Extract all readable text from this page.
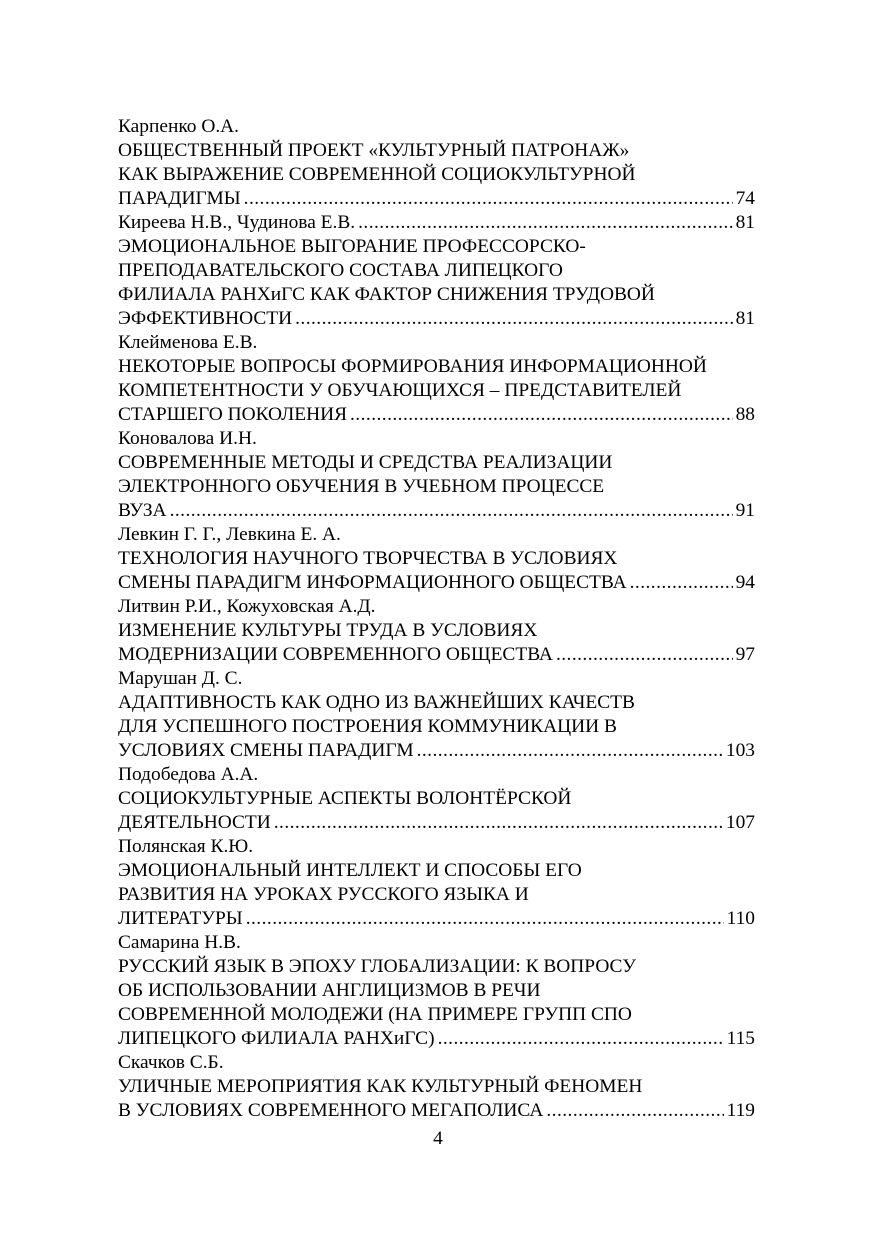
Карпенко О.А.
ОБЩЕСТВЕННЫЙ ПРОЕКТ «КУЛЬТУРНЫЙ ПАТРОНАЖ»
КАК ВЫРАЖЕНИЕ СОВРЕМЕННОЙ СОЦИОКУЛЬТУРНОЙ
ПАРАДИГМЫ . . .	74
Киреева Н.В., Чудинова Е.В. . . .	81
ЭМОЦИОНАЛЬНОЕ ВЫГОРАНИЕ ПРОФЕССОРСКО-
ПРЕПОДАВАТЕЛЬСКОГО СОСТАВА ЛИПЕЦКОГО
ФИЛИАЛА РАНХиГС КАК ФАКТОР СНИЖЕНИЯ ТРУДОВОЙ
ЭФФЕКТИВНОСТИ . . .	81
Клейменова Е.В.
НЕКОТОРЫЕ ВОПРОСЫ ФОРМИРОВАНИЯ ИНФОРМАЦИОННОЙ
КОМПЕТЕНТНОСТИ У ОБУЧАЮЩИХСЯ – ПРЕДСТАВИТЕЛЕЙ
СТАРШЕГО ПОКОЛЕНИЯ . . .	88
Коновалова И.Н.
СОВРЕМЕННЫЕ МЕТОДЫ И СРЕДСТВА РЕАЛИЗАЦИИ
ЭЛЕКТРОННОГО ОБУЧЕНИЯ В УЧЕБНОМ ПРОЦЕССЕ
ВУЗА . . .	91
Левкин Г. Г., Левкина Е. А.
ТЕХНОЛОГИЯ НАУЧНОГО ТВОРЧЕСТВА В УСЛОВИЯХ
СМЕНЫ ПАРАДИГМ ИНФОРМАЦИОННОГО ОБЩЕСТВА . . .	94
Литвин Р.И., Кожуховская А.Д.
ИЗМЕНЕНИЕ КУЛЬТУРЫ ТРУДА В УСЛОВИЯХ
МОДЕРНИЗАЦИИ СОВРЕМЕННОГО ОБЩЕСТВА . . .	97
Марушан Д. С.
АДАПТИВНОСТЬ КАК ОДНО ИЗ ВАЖНЕЙШИХ КАЧЕСТВ
ДЛЯ УСПЕШНОГО ПОСТРОЕНИЯ КОММУНИКАЦИИ В
УСЛОВИЯХ СМЕНЫ ПАРАДИГМ . . .	103
Подобедова А.А.
СОЦИОКУЛЬТУРНЫЕ АСПЕКТЫ ВОЛОНТЁРСКОЙ
ДЕЯТЕЛЬНОСТИ . . .	107
Полянская К.Ю.
ЭМОЦИОНАЛЬНЫЙ ИНТЕЛЛЕКТ И СПОСОБЫ ЕГО
РАЗВИТИЯ НА УРОКАХ РУССКОГО ЯЗЫКА И
ЛИТЕРАТУРЫ . . .	110
Самарина Н.В.
РУССКИЙ ЯЗЫК В ЭПОХУ ГЛОБАЛИЗАЦИИ: К ВОПРОСУ
ОБ ИСПОЛЬЗОВАНИИ АНГЛИЦИЗМОВ В РЕЧИ
СОВРЕМЕННОЙ МОЛОДЕЖИ (НА ПРИМЕРЕ ГРУПП СПО
ЛИПЕЦКОГО ФИЛИАЛА РАНХиГС) . . .	115
Скачков С.Б.
УЛИЧНЫЕ МЕРОПРИЯТИЯ КАК КУЛЬТУРНЫЙ ФЕНОМЕН
В УСЛОВИЯХ СОВРЕМЕННОГО МЕГАПОЛИСА . . .	119
4
